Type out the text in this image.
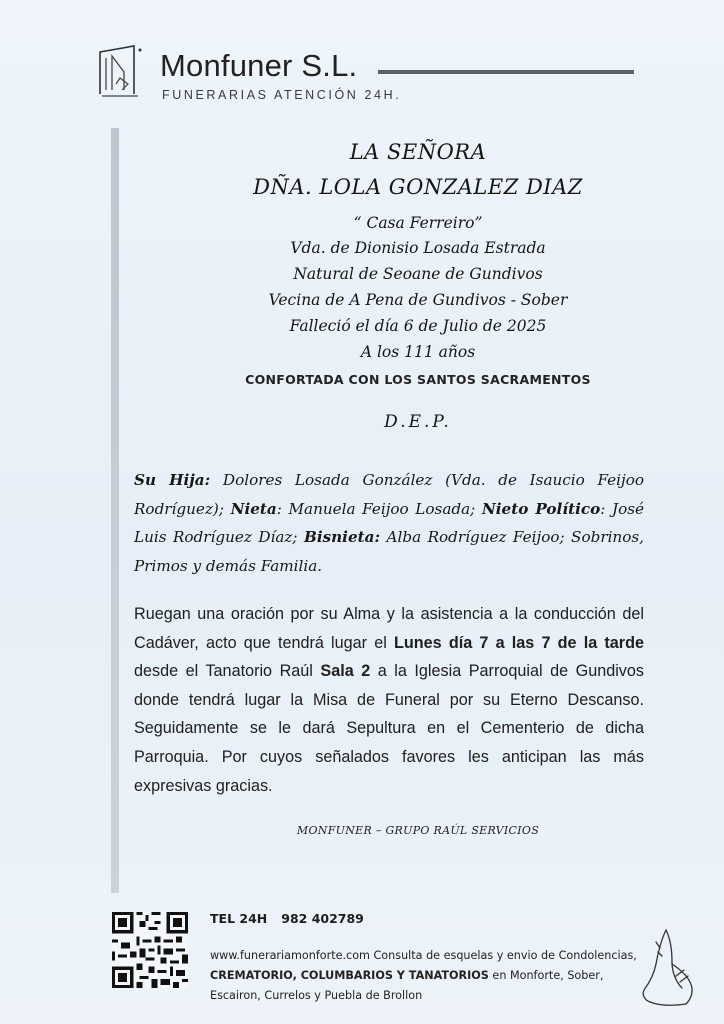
Monfuner S.L.
FUNERARIAS ATENCIÓN 24H.
LA SEÑORA
DÑA. LOLA GONZALEZ DIAZ
“ Casa Ferreiro”
Vda. de Dionisio Losada Estrada
Natural de Seoane de Gundivos
Vecina de A Pena de Gundivos - Sober
Falleció el día 6 de Julio de 2025
A los 111 años
CONFORTADA CON LOS SANTOS SACRAMENTOS
D.E.P.
Su Hija: Dolores Losada González (Vda. de Isaucio Feijoo Rodríguez); Nieta: Manuela Feijoo Losada; Nieto Político: José Luis Rodríguez Díaz; Bisnieta: Alba Rodríguez Feijoo; Sobrinos, Primos y demás Familia.
Ruegan una oración por su Alma y la asistencia a la conducción del Cadáver, acto que tendrá lugar el Lunes día 7 a las 7 de la tarde desde el Tanatorio Raúl Sala 2 a la Iglesia Parroquial de Gundivos donde tendrá lugar la Misa de Funeral por su Eterno Descanso. Seguidamente se le dará Sepultura en el Cementerio de dicha Parroquia. Por cuyos señalados favores les anticipan las más expresivas gracias.
MONFUNER – GRUPO RAÚL SERVICIOS
TEL 24H 982 402789
www.funerariamonforte.com Consulta de esquelas y envio de Condolencias, CREMATORIO, COLUMBARIOS Y TANATORIOS en Monforte, Sober, Escairon, Currelos y Puebla de Brollon
